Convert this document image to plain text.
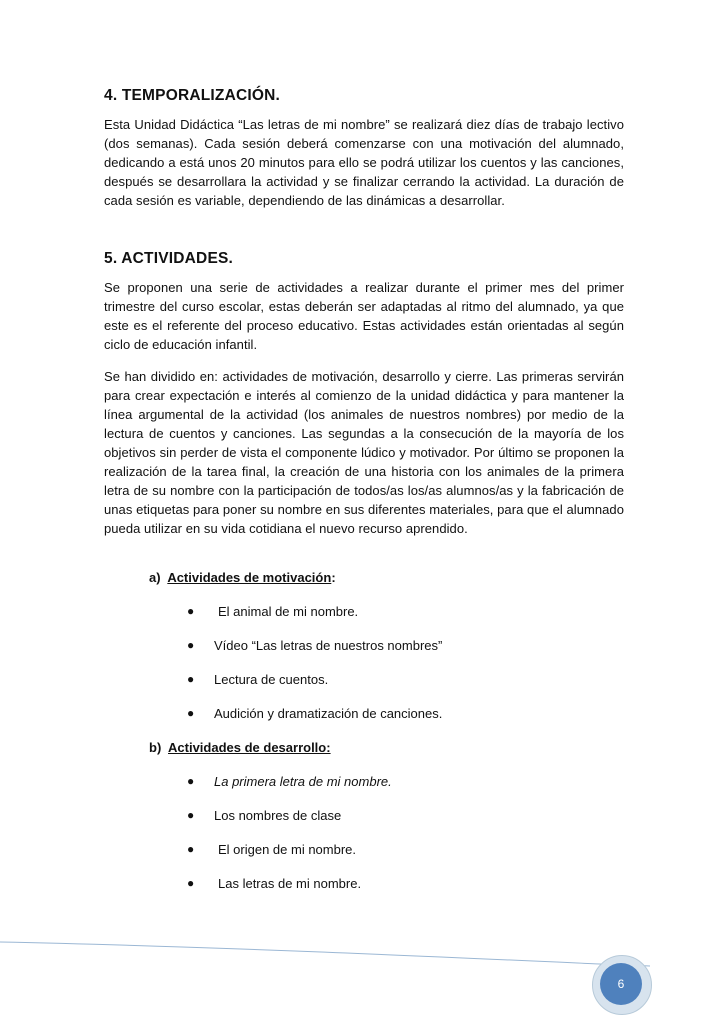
4. TEMPORALIZACIÓN.

Esta Unidad Didáctica “Las letras de mi nombre” se realizará diez días de trabajo lectivo (dos semanas). Cada sesión deberá comenzarse con una motivación del alumnado, dedicando a está unos 20 minutos para ello se podrá utilizar los cuentos y las canciones, después se desarrollara la actividad y se finalizar cerrando la actividad. La duración de cada sesión es variable, dependiendo de las dinámicas a desarrollar.

5. ACTIVIDADES.

Se proponen una serie de actividades a realizar durante el primer mes del primer trimestre del curso escolar, estas deberán ser adaptadas al ritmo del alumnado, ya que este es el referente del proceso educativo. Estas actividades están orientadas al según ciclo de educación infantil.

Se han dividido en: actividades de motivación, desarrollo y cierre. Las primeras servirán para crear expectación e interés al comienzo de la unidad didáctica y para mantener la línea argumental de la actividad (los animales de nuestros nombres) por medio de la lectura de cuentos y canciones. Las segundas a la consecución de la mayoría de los objetivos sin perder de vista el componente lúdico y motivador. Por último se proponen la realización de la tarea final, la creación de una historia con los animales de la primera letra de su nombre con la participación de todos/as los/as alumnos/as y la fabricación de unas etiquetas para poner su nombre en sus diferentes materiales, para que el alumnado pueda utilizar en su vida cotidiana el nuevo recurso aprendido.

a)  Actividades de motivación:
● El animal de mi nombre.
● Vídeo “Las letras de nuestros nombres”
● Lectura de cuentos.
● Audición y dramatización de canciones.
b)  Actividades de desarrollo:
● La primera letra de mi nombre.
● Los nombres de clase
● El origen de mi nombre.
● Las letras de mi nombre.
6
